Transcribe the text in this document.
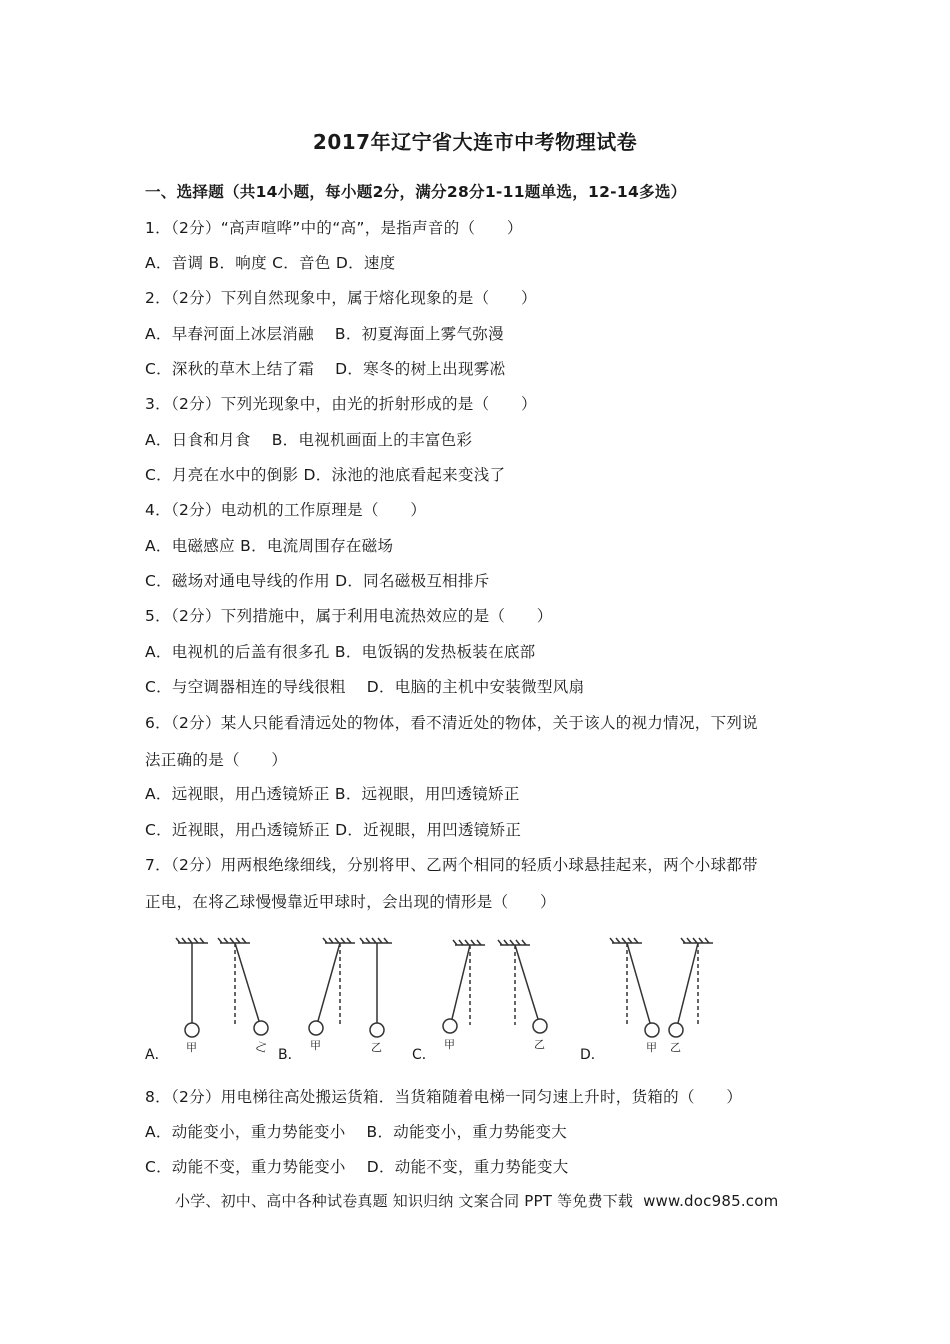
2017年辽宁省大连市中考物理试卷
一、选择题（共14小题，每小题2分，满分28分1-11题单选，12-14多选）
1．（2分）“高声喧哗”中的“高”，是指声音的（　　）
A．音调 B．响度 C．音色 D．速度
2．（2分）下列自然现象中，属于熔化现象的是（　　）
A．早春河面上冰层消融　 B．初夏海面上雾气弥漫
C．深秋的草木上结了霜　 D．寒冬的树上出现雾凇
3．（2分）下列光现象中，由光的折射形成的是（　　）
A．日食和月食　 B．电视机画面上的丰富色彩
C．月亮在水中的倒影 D．泳池的池底看起来变浅了
4．（2分）电动机的工作原理是（　　）
A．电磁感应 B．电流周围存在磁场
C．磁场对通电导线的作用 D．同名磁极互相排斥
5．（2分）下列措施中，属于利用电流热效应的是（　　）
A．电视机的后盖有很多孔 B．电饭锅的发热板装在底部
C．与空调器相连的导线很粗　 D．电脑的主机中安装微型风扇
6．（2分）某人只能看清远处的物体，看不清近处的物体，关于该人的视力情况，下列说
法正确的是（　　）
A．远视眼，用凸透镜矫正 B．远视眼，用凹透镜矫正
C．近视眼，用凸透镜矫正 D．近视眼，用凹透镜矫正
7．（2分）用两根绝缘细线，分别将甲、乙两个相同的轻质小球悬挂起来，两个小球都带
正电，在将乙球慢慢靠近甲球时，会出现的情形是（　　）
甲	乙	甲	乙	甲	乙	甲 乙
A．	B．	C．	D．
8．（2分）用电梯往高处搬运货箱．当货箱随着电梯一同匀速上升时，货箱的（　　）
A．动能变小，重力势能变小　 B．动能变小，重力势能变大
C．动能不变，重力势能变小　 D．动能不变，重力势能变大
小学、初中、高中各种试卷真题 知识归纳 文案合同 PPT 等免费下载  www.doc985.com
